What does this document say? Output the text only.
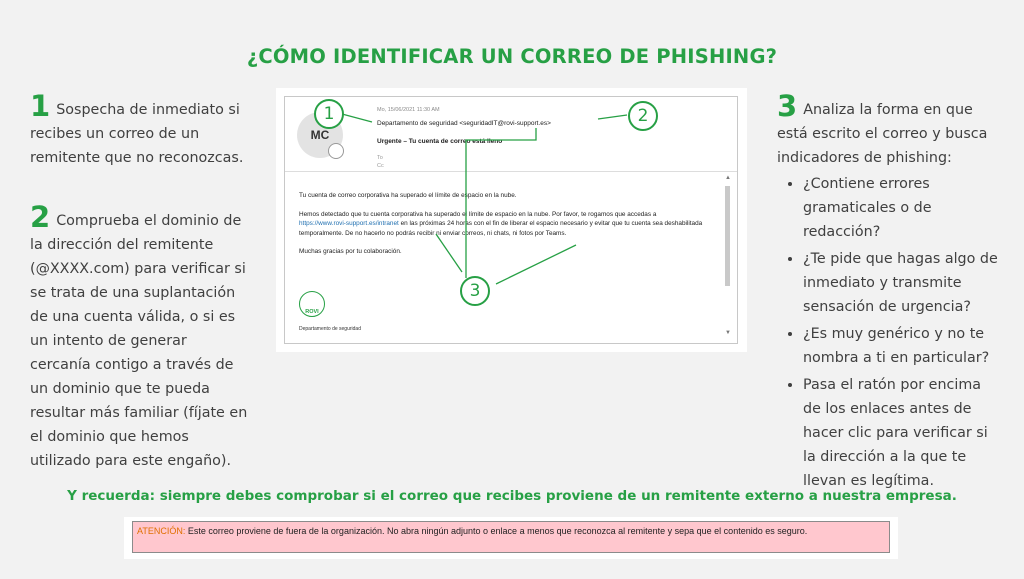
¿CÓMO IDENTIFICAR UN CORREO DE PHISHING?
1 Sospecha de inmediato si recibes un correo de un remitente que no reconozcas.
2 Comprueba el dominio de la dirección del remitente (@XXXX.com) para verificar si se trata de una suplantación de una cuenta válida, o si es un intento de generar cercanía contigo a través de un dominio que te pueda resultar más familiar (fíjate en el dominio que hemos utilizado para este engaño).
3 Analiza la forma en que está escrito el correo y busca indicadores de phishing:
• ¿Contiene errores gramaticales o de redacción?
• ¿Te pide que hagas algo de inmediato y transmite sensación de urgencia?
• ¿Es muy genérico y no te nombra a ti en particular?
• Pasa el ratón por encima de los enlaces antes de hacer clic para verificar si la dirección a la que te llevan es legítima.
MC
Mo, 15/06/2021 11:30 AM
Departamento de seguridad <seguridadIT@rovi-support.es>
Urgente – Tu cuenta de correo está lleno
To
Cc

Tu cuenta de correo corporativa ha superado el límite de espacio en la nube.

Hemos detectado que tu cuenta corporativa ha superado el límite de espacio en la nube. Por favor, te rogamos que accedas a https://www.rovi-support.es/intranet en las próximas 24 horas con el fin de liberar el espacio necesario y evitar que tu cuenta sea deshabilitada temporalmente. De no hacerlo no podrás recibir ni enviar correos, ni chats, ni fotos por Teams.

Muchas gracias por tu colaboración.

ROVI
Departamento de seguridad
▲
▼
1	2
3
Y recuerda: siempre debes comprobar si el correo que recibes proviene de un remitente externo a nuestra empresa.
ATENCIÓN: Este correo proviene de fuera de la organización. No abra ningún adjunto o enlace a menos que reconozca al remitente y sepa que el contenido es seguro.
